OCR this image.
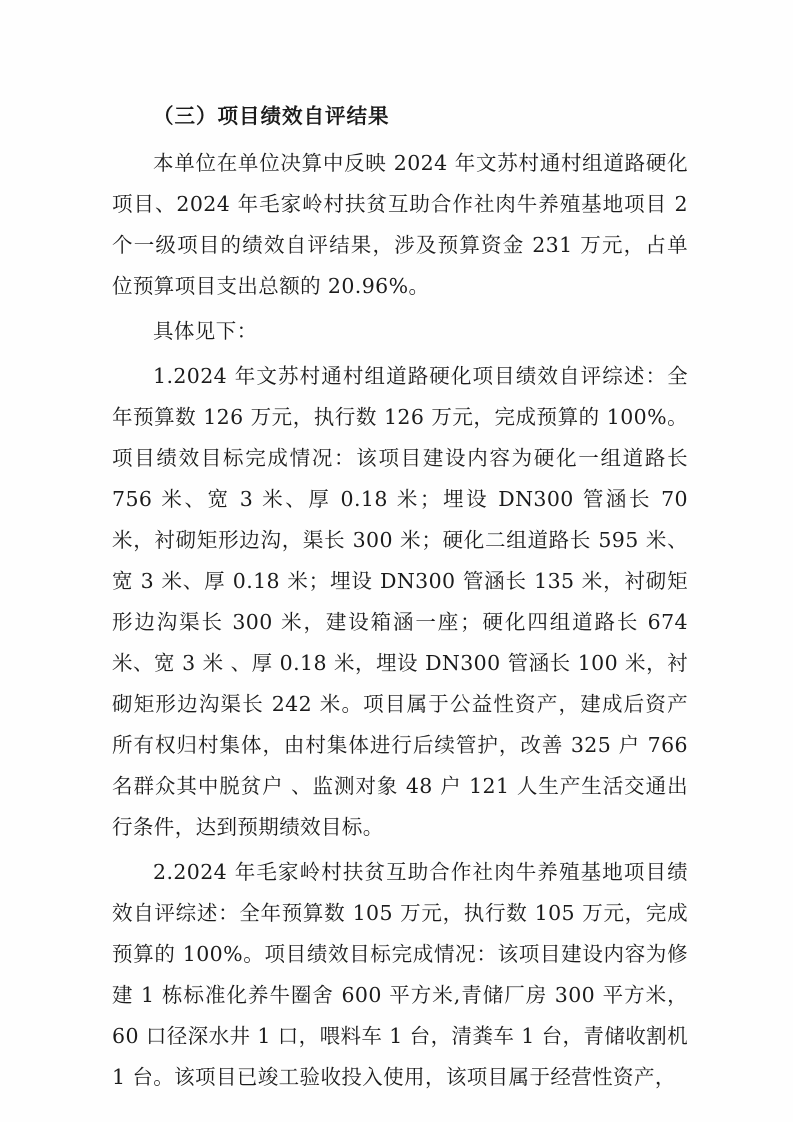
（三）项目绩效自评结果

本单位在单位决算中反映 2024 年文苏村通村组道路硬化项目、2024 年毛家岭村扶贫互助合作社肉牛养殖基地项目 2 个一级项目的绩效自评结果，涉及预算资金 231 万元，占单位预算项目支出总额的 20.96%。

具体见下：

1.2024 年文苏村通村组道路硬化项目绩效自评综述：全年预算数 126 万元，执行数 126 万元，完成预算的 100%。项目绩效目标完成情况：该项目建设内容为硬化一组道路长 756 米、宽 3 米、厚 0.18 米；埋设 DN300 管涵长 70 米，衬砌矩形边沟，渠长 300 米；硬化二组道路长 595 米、宽 3 米、厚 0.18 米；埋设 DN300 管涵长 135 米，衬砌矩形边沟渠长 300 米，建设箱涵一座；硬化四组道路长 674 米、宽 3 米 、厚 0.18 米，埋设 DN300 管涵长 100 米，衬砌矩形边沟渠长 242 米。项目属于公益性资产，建成后资产所有权归村集体，由村集体进行后续管护，改善 325 户 766 名群众其中脱贫户 、监测对象 48 户 121 人生产生活交通出行条件，达到预期绩效目标。

2.2024 年毛家岭村扶贫互助合作社肉牛养殖基地项目绩效自评综述：全年预算数 105 万元，执行数 105 万元，完成预算的 100%。项目绩效目标完成情况：该项目建设内容为修建 1 栋标准化养牛圈舍 600 平方米,青储厂房 300 平方米，60 口径深水井 1 口，喂料车 1 台，清粪车 1 台，青储收割机 1 台。该项目已竣工验收投入使用，该项目属于经营性资产，
